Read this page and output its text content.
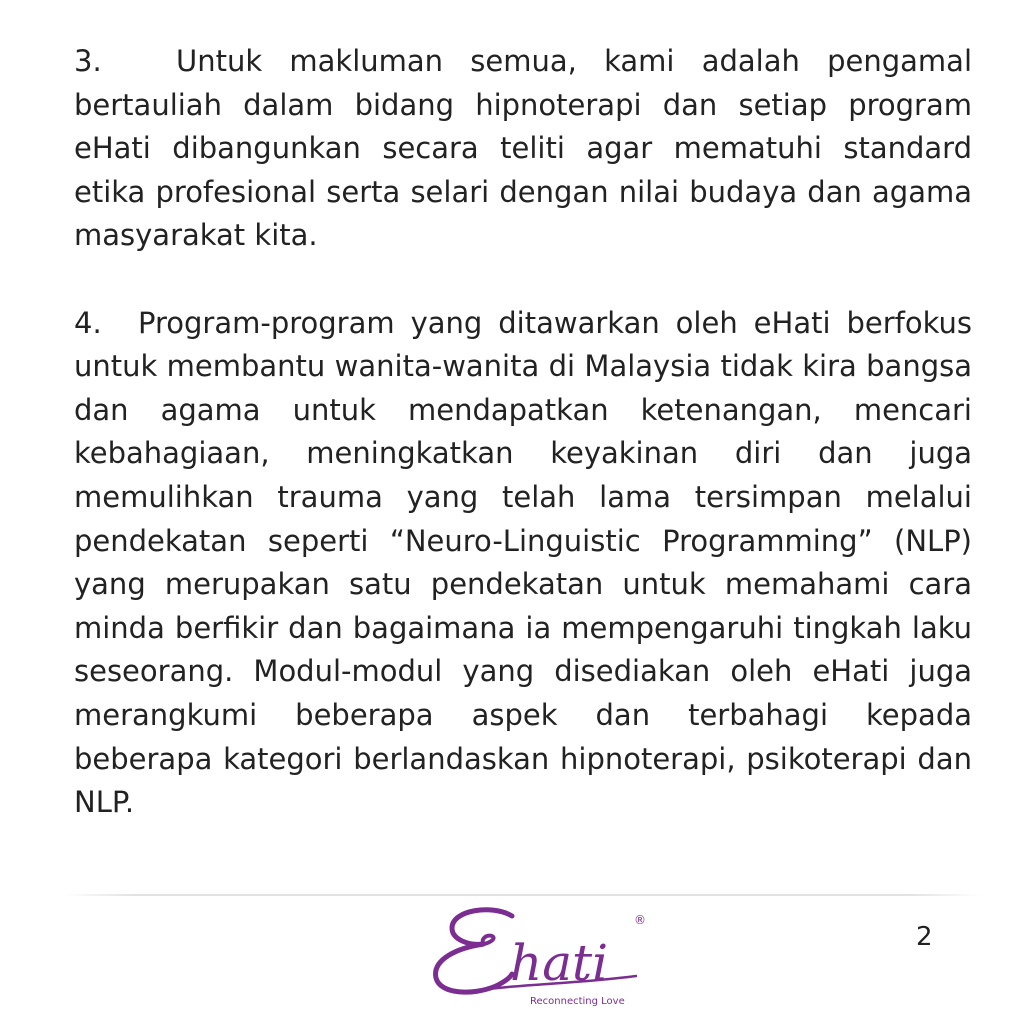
3.	Untuk makluman semua, kami adalah pengamal bertauliah dalam bidang hipnoterapi dan setiap program eHati dibangunkan secara teliti agar mematuhi standard etika profesional serta selari dengan nilai budaya dan agama masyarakat kita.

4. Program-program yang ditawarkan oleh eHati berfokus untuk membantu wanita-wanita di Malaysia tidak kira bangsa dan agama untuk mendapatkan ketenangan, mencari kebahagiaan, meningkatkan keyakinan diri dan juga memulihkan trauma yang telah lama tersimpan melalui pendekatan seperti “Neuro-Linguistic Programming” (NLP) yang merupakan satu pendekatan untuk memahami cara minda berfikir dan bagaimana ia mempengaruhi tingkah laku seseorang. Modul-modul yang disediakan oleh eHati juga merangkumi beberapa aspek dan terbahagi kepada beberapa kategori berlandaskan hipnoterapi, psikoterapi dan NLP.

hati
®
Reconnecting Love
2
